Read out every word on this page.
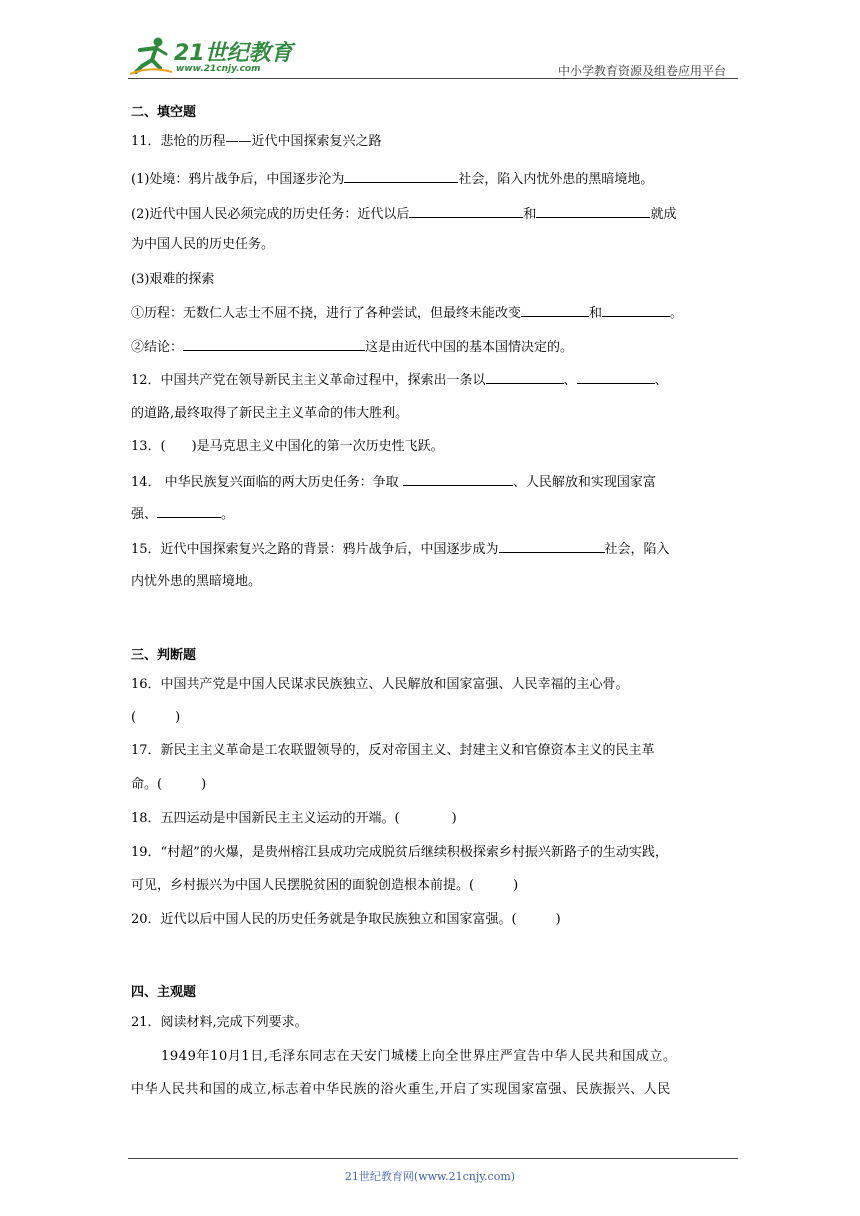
21世纪教育
www.21cnjy.com	中小学教育资源及组卷应用平台
二、填空题
11．悲怆的历程——近代中国探索复兴之路
(1)处境：鸦片战争后，中国逐步沦为	社会，陷入内忧外患的黑暗境地。
(2)近代中国人民必须完成的历史任务：近代以后	和	就成
为中国人民的历史任务。
(3)艰难的探索
①历程：无数仁人志士不屈不挠，进行了各种尝试，但最终未能改变	和	。
②结论：	这是由近代中国的基本国情决定的。
12．中国共产党在领导新民主主义革命过程中，探索出一条以	、	、
的道路,最终取得了新民主主义革命的伟大胜利。
13．(　　)是马克思主义中国化的第一次历史性飞跃。
14． 中华民族复兴面临的两大历史任务：争取	、人民解放和实现国家富
强、	。
15．近代中国探索复兴之路的背景：鸦片战争后，中国逐步成为	社会，陷入
内忧外患的黑暗境地。
三、判断题
16．中国共产党是中国人民谋求民族独立、人民解放和国家富强、人民幸福的主心骨。
(　　　)
17．新民主主义革命是工农联盟领导的，反对帝国主义、封建主义和官僚资本主义的民主革
命。(　　　)
18．五四运动是中国新民主主义运动的开端。(　　　　)
19．“村超”的火爆，是贵州榕江县成功完成脱贫后继续积极探索乡村振兴新路子的生动实践，
可见，乡村振兴为中国人民摆脱贫困的面貌创造根本前提。(　　　)
20．近代以后中国人民的历史任务就是争取民族独立和国家富强。(　　　)
四、主观题
21．阅读材料,完成下列要求。
1949年10月1日,毛泽东同志在天安门城楼上向全世界庄严宣告中华人民共和国成立。
中华人民共和国的成立,标志着中华民族的浴火重生,开启了实现国家富强、民族振兴、人民
21世纪教育网(www.21cnjy.com)
